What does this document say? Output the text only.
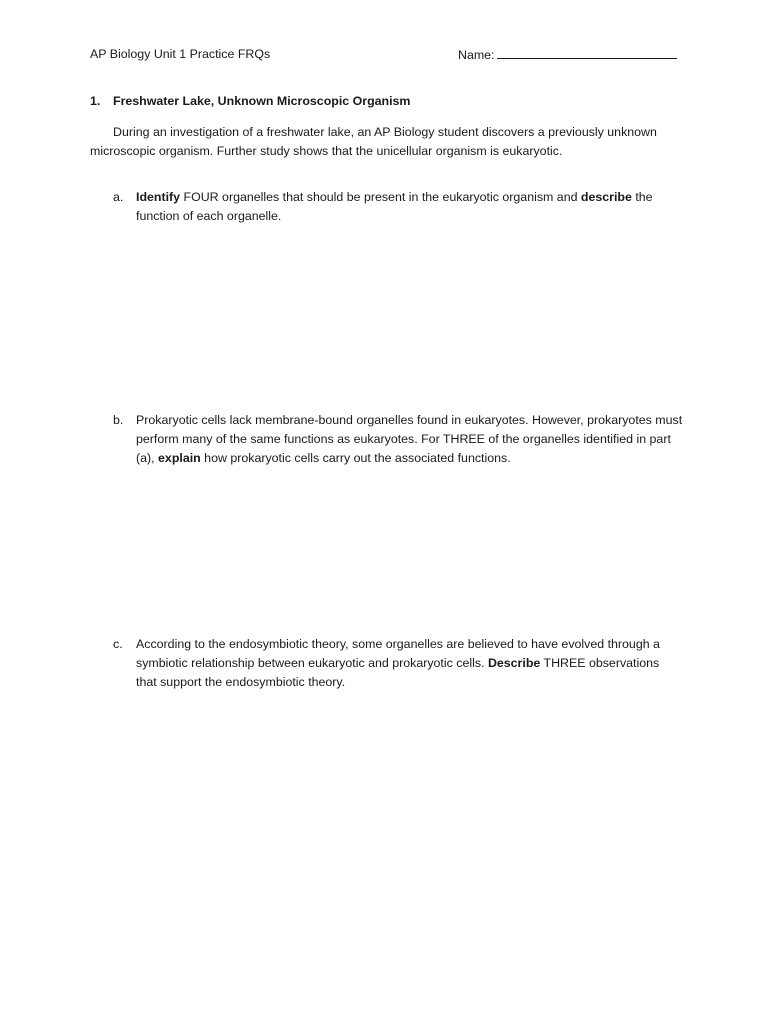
AP Biology Unit 1 Practice FRQs	Name:
1. Freshwater Lake, Unknown Microscopic Organism
During an investigation of a freshwater lake, an AP Biology student discovers a previously unknown microscopic organism. Further study shows that the unicellular organism is eukaryotic.
a.	Identify FOUR organelles that should be present in the eukaryotic organism and describe the function of each organelle.
b.	Prokaryotic cells lack membrane-bound organelles found in eukaryotes. However, prokaryotes must perform many of the same functions as eukaryotes. For THREE of the organelles identified in part (a), explain how prokaryotic cells carry out the associated functions.
c.	According to the endosymbiotic theory, some organelles are believed to have evolved through a symbiotic relationship between eukaryotic and prokaryotic cells. Describe THREE observations that support the endosymbiotic theory.
